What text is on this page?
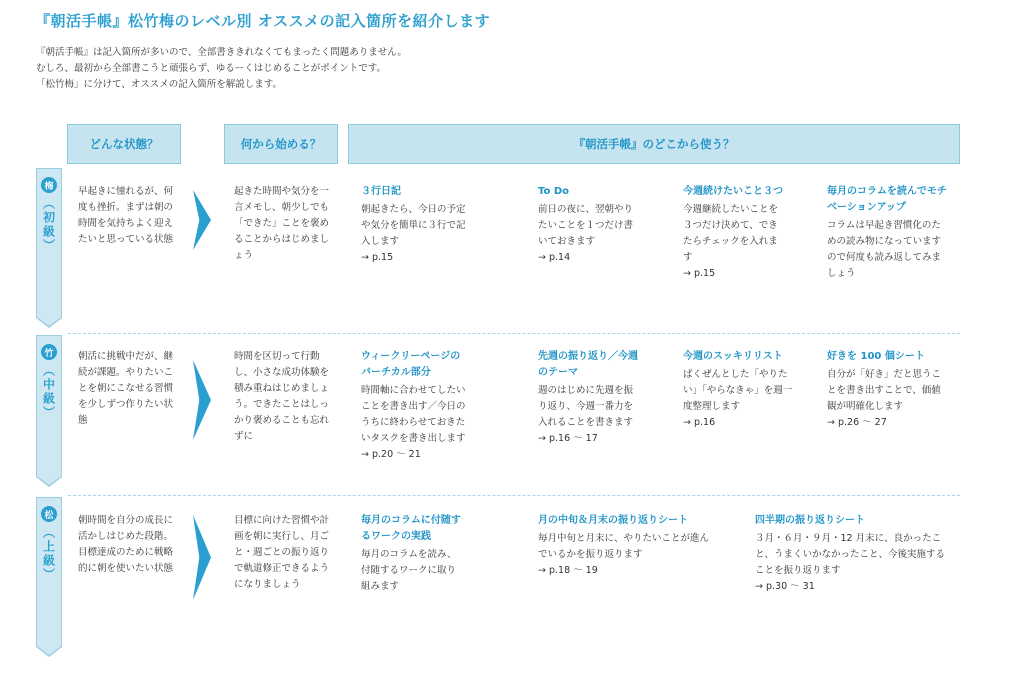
『朝活手帳』松竹梅のレベル別 オススメの記入箇所を紹介します
『朝活手帳』は記入箇所が多いので、全部書ききれなくてもまったく問題ありません。
むしろ、最初から全部書こうと頑張らず、ゆるーくはじめることがポイントです。
「松竹梅」に分けて、オススメの記入箇所を解説します。
どんな状態？	何から始める？	『朝活手帳』のどこから使う？
梅
（初級）
早起きに憧れるが、何度も挫折。まずは朝の時間を気持ちよく迎えたいと思っている状態
起きた時間や気分を一言メモし、朝少しでも「できた」ことを褒めることからはじめましょう
３行日記
朝起きたら、今日の予定や気分を簡単に３行で記入します
→ p.15
To Do
前日の夜に、翌朝やりたいことを１つだけ書いておきます
→ p.14
今週続けたいこと３つ
今週継続したいことを３つだけ決めて、できたらチェックを入れます
→ p.15
毎月のコラムを読んでモチベーションアップ
コラムは早起き習慣化のための読み物になっていますので何度も読み返してみましょう
竹
（中級）
朝活に挑戦中だが、継続が課題。やりたいことを朝にこなせる習慣を少しずつ作りたい状態
時間を区切って行動し、小さな成功体験を積み重ねはじめましょう。できたことはしっかり褒めることも忘れずに
ウィークリーページのバーチカル部分
時間軸に合わせてしたいことを書き出す／今日のうちに終わらせておきたいタスクを書き出します
→ p.20 ～ 21
先週の振り返り／今週のテーマ
週のはじめに先週を振り返り、今週一番力を入れることを書きます
→ p.16 ～ 17
今週のスッキリリスト
ばくぜんとした「やりたい」「やらなきゃ」を週一度整理します
→ p.16
好きを 100 個シート
自分が「好き」だと思うことを書き出すことで、価値観が明確化します
→ p.26 ～ 27
松
（上級）
朝時間を自分の成長に活かしはじめた段階。目標達成のために戦略的に朝を使いたい状態
目標に向けた習慣や計画を朝に実行し、月ごと・週ごとの振り返りで軌道修正できるようになりましょう
毎月のコラムに付随するワークの実践
毎月のコラムを読み、付随するワークに取り組みます
月の中旬＆月末の振り返りシート
毎月中旬と月末に、やりたいことが進んでいるかを振り返ります
→ p.18 ～ 19
四半期の振り返りシート
３月・６月・９月・12 月末に、良かったこと、うまくいかなかったこと、今後実施することを振り返ります
→ p.30 ～ 31
